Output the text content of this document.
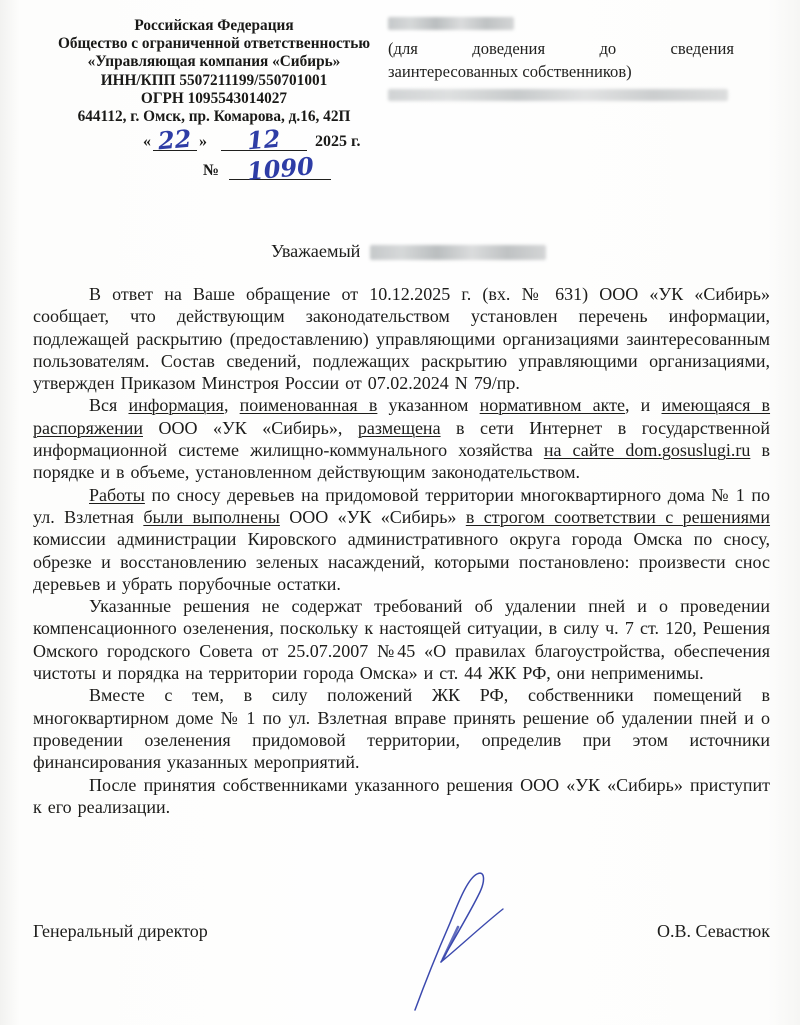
Российская Федерация
Общество с ограниченной ответственностью
«Управляющая компания «Сибирь»
ИНН/КПП 5507211199/550701001
ОГРН 1095543014027
644112, г. Омск, пр. Комарова, д.16, 42П
(для доведения до сведения
заинтересованных собственников)
« 22 »	12	2025 г.
№	1090
Уважаемый

В ответ на Ваше обращение от 10.12.2025 г. (вх. № 631) ООО «УК «Сибирь» сообщает, что действующим законодательством установлен перечень информации, подлежащей раскрытию (предоставлению) управляющими организациями заинтересованным пользователям. Состав сведений, подлежащих раскрытию управляющими организациями, утвержден Приказом Минстроя России от 07.02.2024 N 79/пр.

Вся информация, поименованная в указанном нормативном акте, и имеющаяся в распоряжении ООО «УК «Сибирь», размещена в сети Интернет в государственной информационной системе жилищно-коммунального хозяйства на сайте dom.gosuslugi.ru в порядке и в объеме, установленном действующим законодательством.

Работы по сносу деревьев на придомовой территории многоквартирного дома № 1 по ул. Взлетная были выполнены ООО «УК «Сибирь» в строгом соответствии с решениями комиссии администрации Кировского административного округа города Омска по сносу, обрезке и восстановлению зеленых насаждений, которыми постановлено: произвести снос деревьев и убрать порубочные остатки.

Указанные решения не содержат требований об удалении пней и о проведении компенсационного озеленения, поскольку к настоящей ситуации, в силу ч. 7 ст. 120, Решения Омского городского Совета от 25.07.2007 №45 «О правилах благоустройства, обеспечения чистоты и порядка на территории города Омска» и ст. 44 ЖК РФ, они неприменимы.

Вместе с тем, в силу положений ЖК РФ, собственники помещений в многоквартирном доме № 1 по ул. Взлетная вправе принять решение об удалении пней и о проведении озеленения придомовой территории, определив при этом источники финансирования указанных мероприятий.

После принятия собственниками указанного решения ООО «УК «Сибирь» приступит к его реализации.

Генеральный директор	О.В. Севастюк
